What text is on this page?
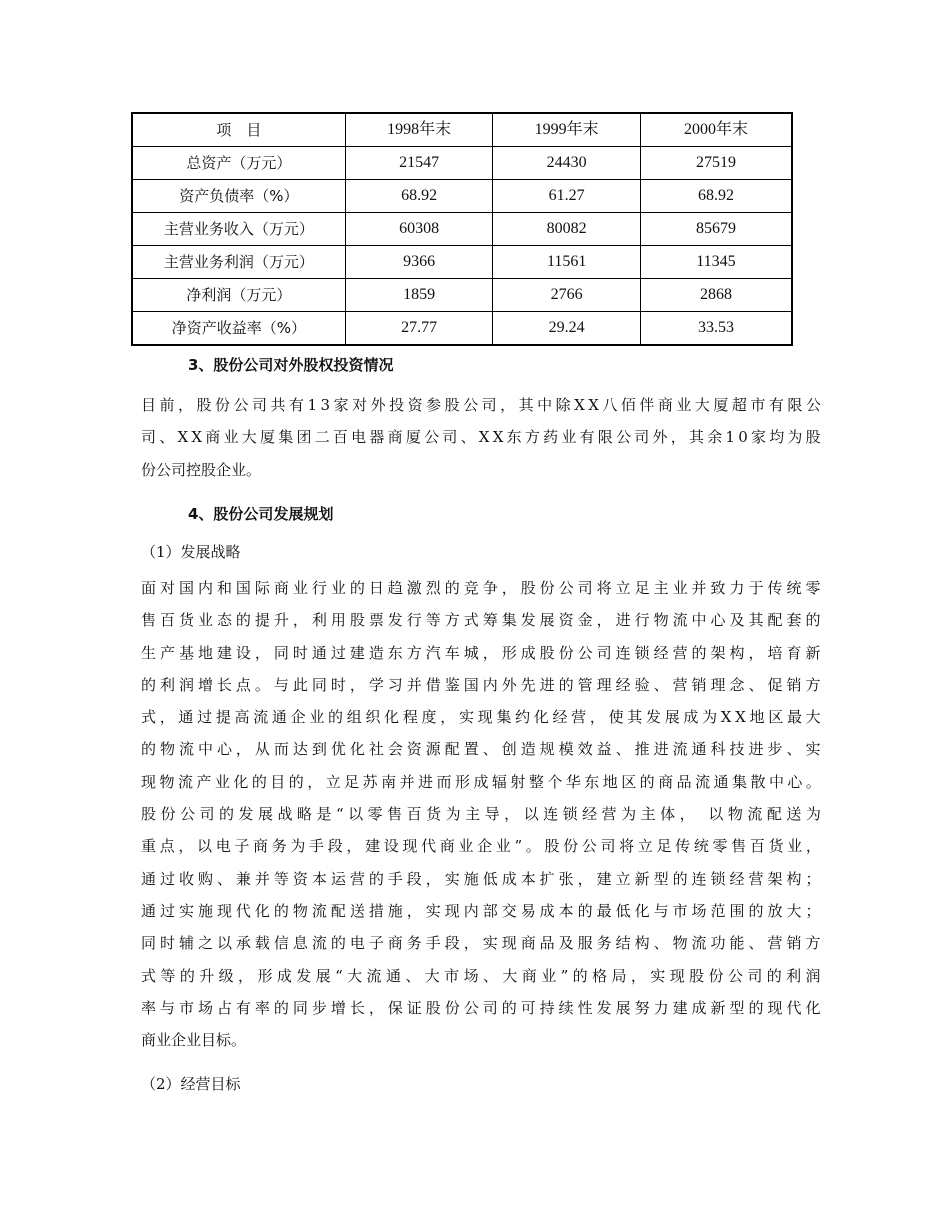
项　目	1998年末	1999年末	2000年末
总资产（万元）	21547	24430	27519
资产负债率（%）	68.92	61.27	68.92
主营业务收入（万元）	60308	80082	85679
主营业务利润（万元）	9366	11561	11345
净利润（万元）	1859	2766	2868
净资产收益率（%）	27.77	29.24	33.53
3、股份公司对外股权投资情况
目 前 ， 股 份 公 司 共 有 1 3 家 对 外 投 资 参 股 公 司 ， 其 中 除 X X 八 佰 伴 商 业 大 厦 超 市 有 限 公
司 、 X X 商 业 大 厦 集 团 二 百 电 器 商 厦 公 司 、 X X 东 方 药 业 有 限 公 司 外 ， 其 余 1 0 家 均 为 股
份公司控股企业。
4、股份公司发展规划
（1）发展战略
面 对 国 内 和 国 际 商 业 行 业 的 日 趋 激 烈 的 竞 争 ， 股 份 公 司 将 立 足 主 业 并 致 力 于 传 统 零
售 百 货 业 态 的 提 升 ， 利 用 股 票 发 行 等 方 式 筹 集 发 展 资 金 ， 进 行 物 流 中 心 及 其 配 套 的
生 产 基 地 建 设 ， 同 时 通 过 建 造 东 方 汽 车 城 ， 形 成 股 份 公 司 连 锁 经 营 的 架 构 ， 培 育 新
的 利 润 增 长 点 。 与 此 同 时 ， 学 习 并 借 鉴 国 内 外 先 进 的 管 理 经 验 、 营 销 理 念 、 促 销 方
式 ， 通 过 提 高 流 通 企 业 的 组 织 化 程 度 ， 实 现 集 约 化 经 营 ， 使 其 发 展 成 为 X X 地 区 最 大
的 物 流 中 心 ， 从 而 达 到 优 化 社 会 资 源 配 置 、 创 造 规 模 效 益 、 推 进 流 通 科 技 进 步 、 实
现 物 流 产 业 化 的 目 的 ， 立 足 苏 南 并 进 而 形 成 辐 射 整 个 华 东 地 区 的 商 品 流 通 集 散 中 心 。
股 份 公 司 的 发 展 战 略 是 “ 以 零 售 百 货 为 主 导 ， 以 连 锁 经 营 为 主 体 ，
以 物 流 配 送 为
重 点 ， 以 电 子 商 务 为 手 段 ， 建 设 现 代 商 业 企 业 ” 。 股 份 公 司 将 立 足 传 统 零 售 百 货 业 ，
通 过 收 购 、 兼 并 等 资 本 运 营 的 手 段 ， 实 施 低 成 本 扩 张 ， 建 立 新 型 的 连 锁 经 营 架 构 ；
通 过 实 施 现 代 化 的 物 流 配 送 措 施 ， 实 现 内 部 交 易 成 本 的 最 低 化 与 市 场 范 围 的 放 大 ；
同 时 辅 之 以 承 载 信 息 流 的 电 子 商 务 手 段 ， 实 现 商 品 及 服 务 结 构 、 物 流 功 能 、 营 销 方
式 等 的 升 级 ， 形 成 发 展 “ 大 流 通 、 大 市 场 、 大 商 业 ” 的 格 局 ， 实 现 股 份 公 司 的 利 润
率 与 市 场 占 有 率 的 同 步 增 长 ， 保 证 股 份 公 司 的 可 持 续 性 发 展 努 力 建 成 新 型 的 现 代 化
商业企业目标。
（2）经营目标
